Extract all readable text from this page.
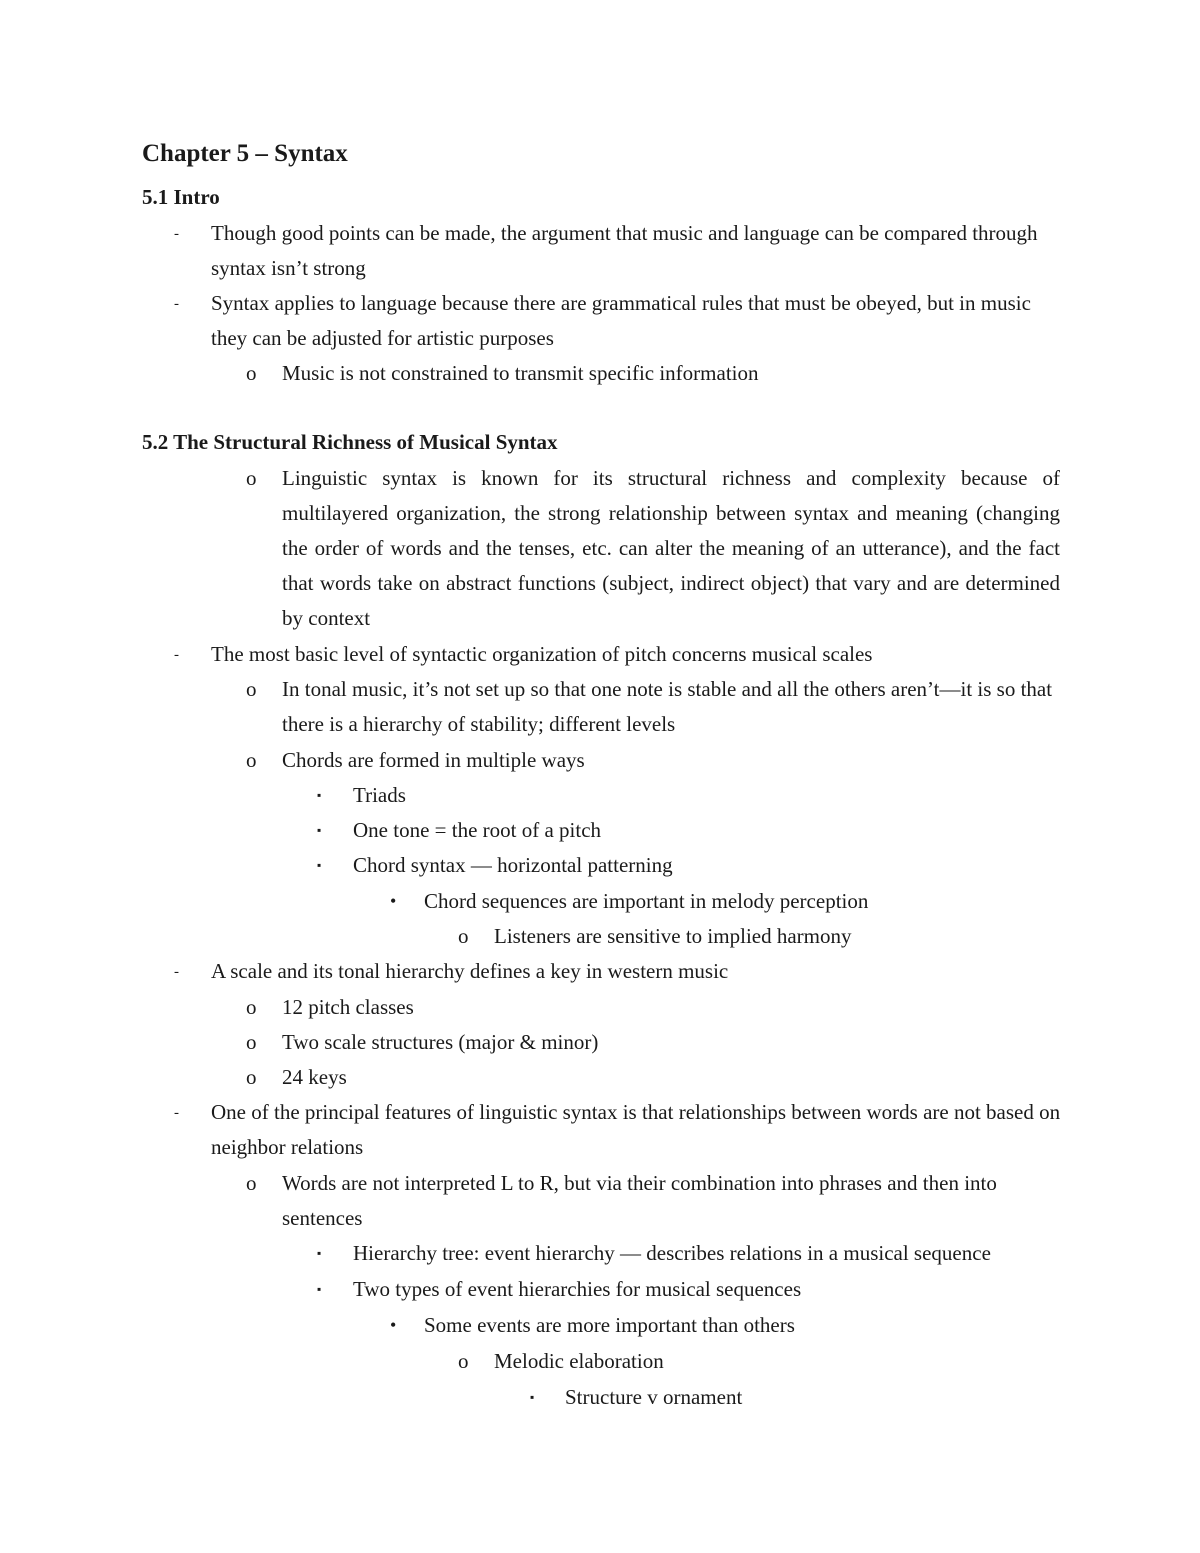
Chapter 5 – Syntax
5.1 Intro
- Though good points can be made, the argument that music and language can be compared through syntax isn’t strong
- Syntax applies to language because there are grammatical rules that must be obeyed, but in music they can be adjusted for artistic purposes
o Music is not constrained to transmit specific information
5.2 The Structural Richness of Musical Syntax
o Linguistic syntax is known for its structural richness and complexity because of multilayered organization, the strong relationship between syntax and meaning (changing the order of words and the tenses, etc. can alter the meaning of an utterance), and the fact that words take on abstract functions (subject, indirect object) that vary and are determined by context
- The most basic level of syntactic organization of pitch concerns musical scales
o In tonal music, it’s not set up so that one note is stable and all the others aren’t—it is so that there is a hierarchy of stability; different levels
o Chords are formed in multiple ways
▪ Triads
▪ One tone = the root of a pitch
▪ Chord syntax — horizontal patterning
• Chord sequences are important in melody perception
o Listeners are sensitive to implied harmony
- A scale and its tonal hierarchy defines a key in western music
o 12 pitch classes
o Two scale structures (major & minor)
o 24 keys
- One of the principal features of linguistic syntax is that relationships between words are not based on neighbor relations
o Words are not interpreted L to R, but via their combination into phrases and then into sentences
▪ Hierarchy tree: event hierarchy — describes relations in a musical sequence
▪ Two types of event hierarchies for musical sequences
• Some events are more important than others
o Melodic elaboration
▪ Structure v ornament
